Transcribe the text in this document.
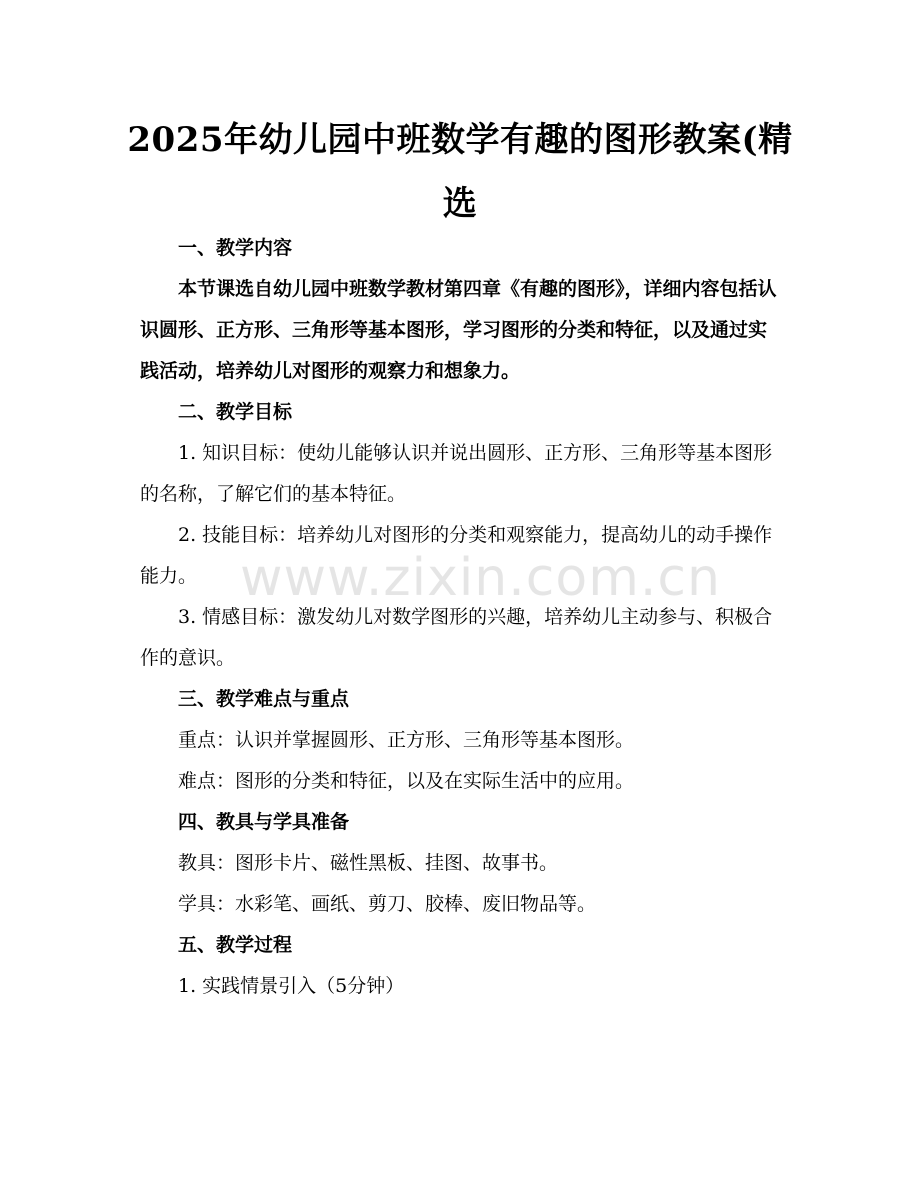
2025年幼儿园中班数学有趣的图形教案(精选

一、教学内容

本节课选自幼儿园中班数学教材第四章《有趣的图形》，详细内容包括认识圆形、正方形、三角形等基本图形，学习图形的分类和特征，以及通过实践活动，培养幼儿对图形的观察力和想象力。

二、教学目标

1. 知识目标：使幼儿能够认识并说出圆形、正方形、三角形等基本图形的名称，了解它们的基本特征。

2. 技能目标：培养幼儿对图形的分类和观察能力，提高幼儿的动手操作能力。

3. 情感目标：激发幼儿对数学图形的兴趣，培养幼儿主动参与、积极合作的意识。

三、教学难点与重点

重点：认识并掌握圆形、正方形、三角形等基本图形。

难点：图形的分类和特征，以及在实际生活中的应用。

四、教具与学具准备

教具：图形卡片、磁性黑板、挂图、故事书。

学具：水彩笔、画纸、剪刀、胶棒、废旧物品等。

五、教学过程

1. 实践情景引入（5分钟）

www.zixin.com.cn
